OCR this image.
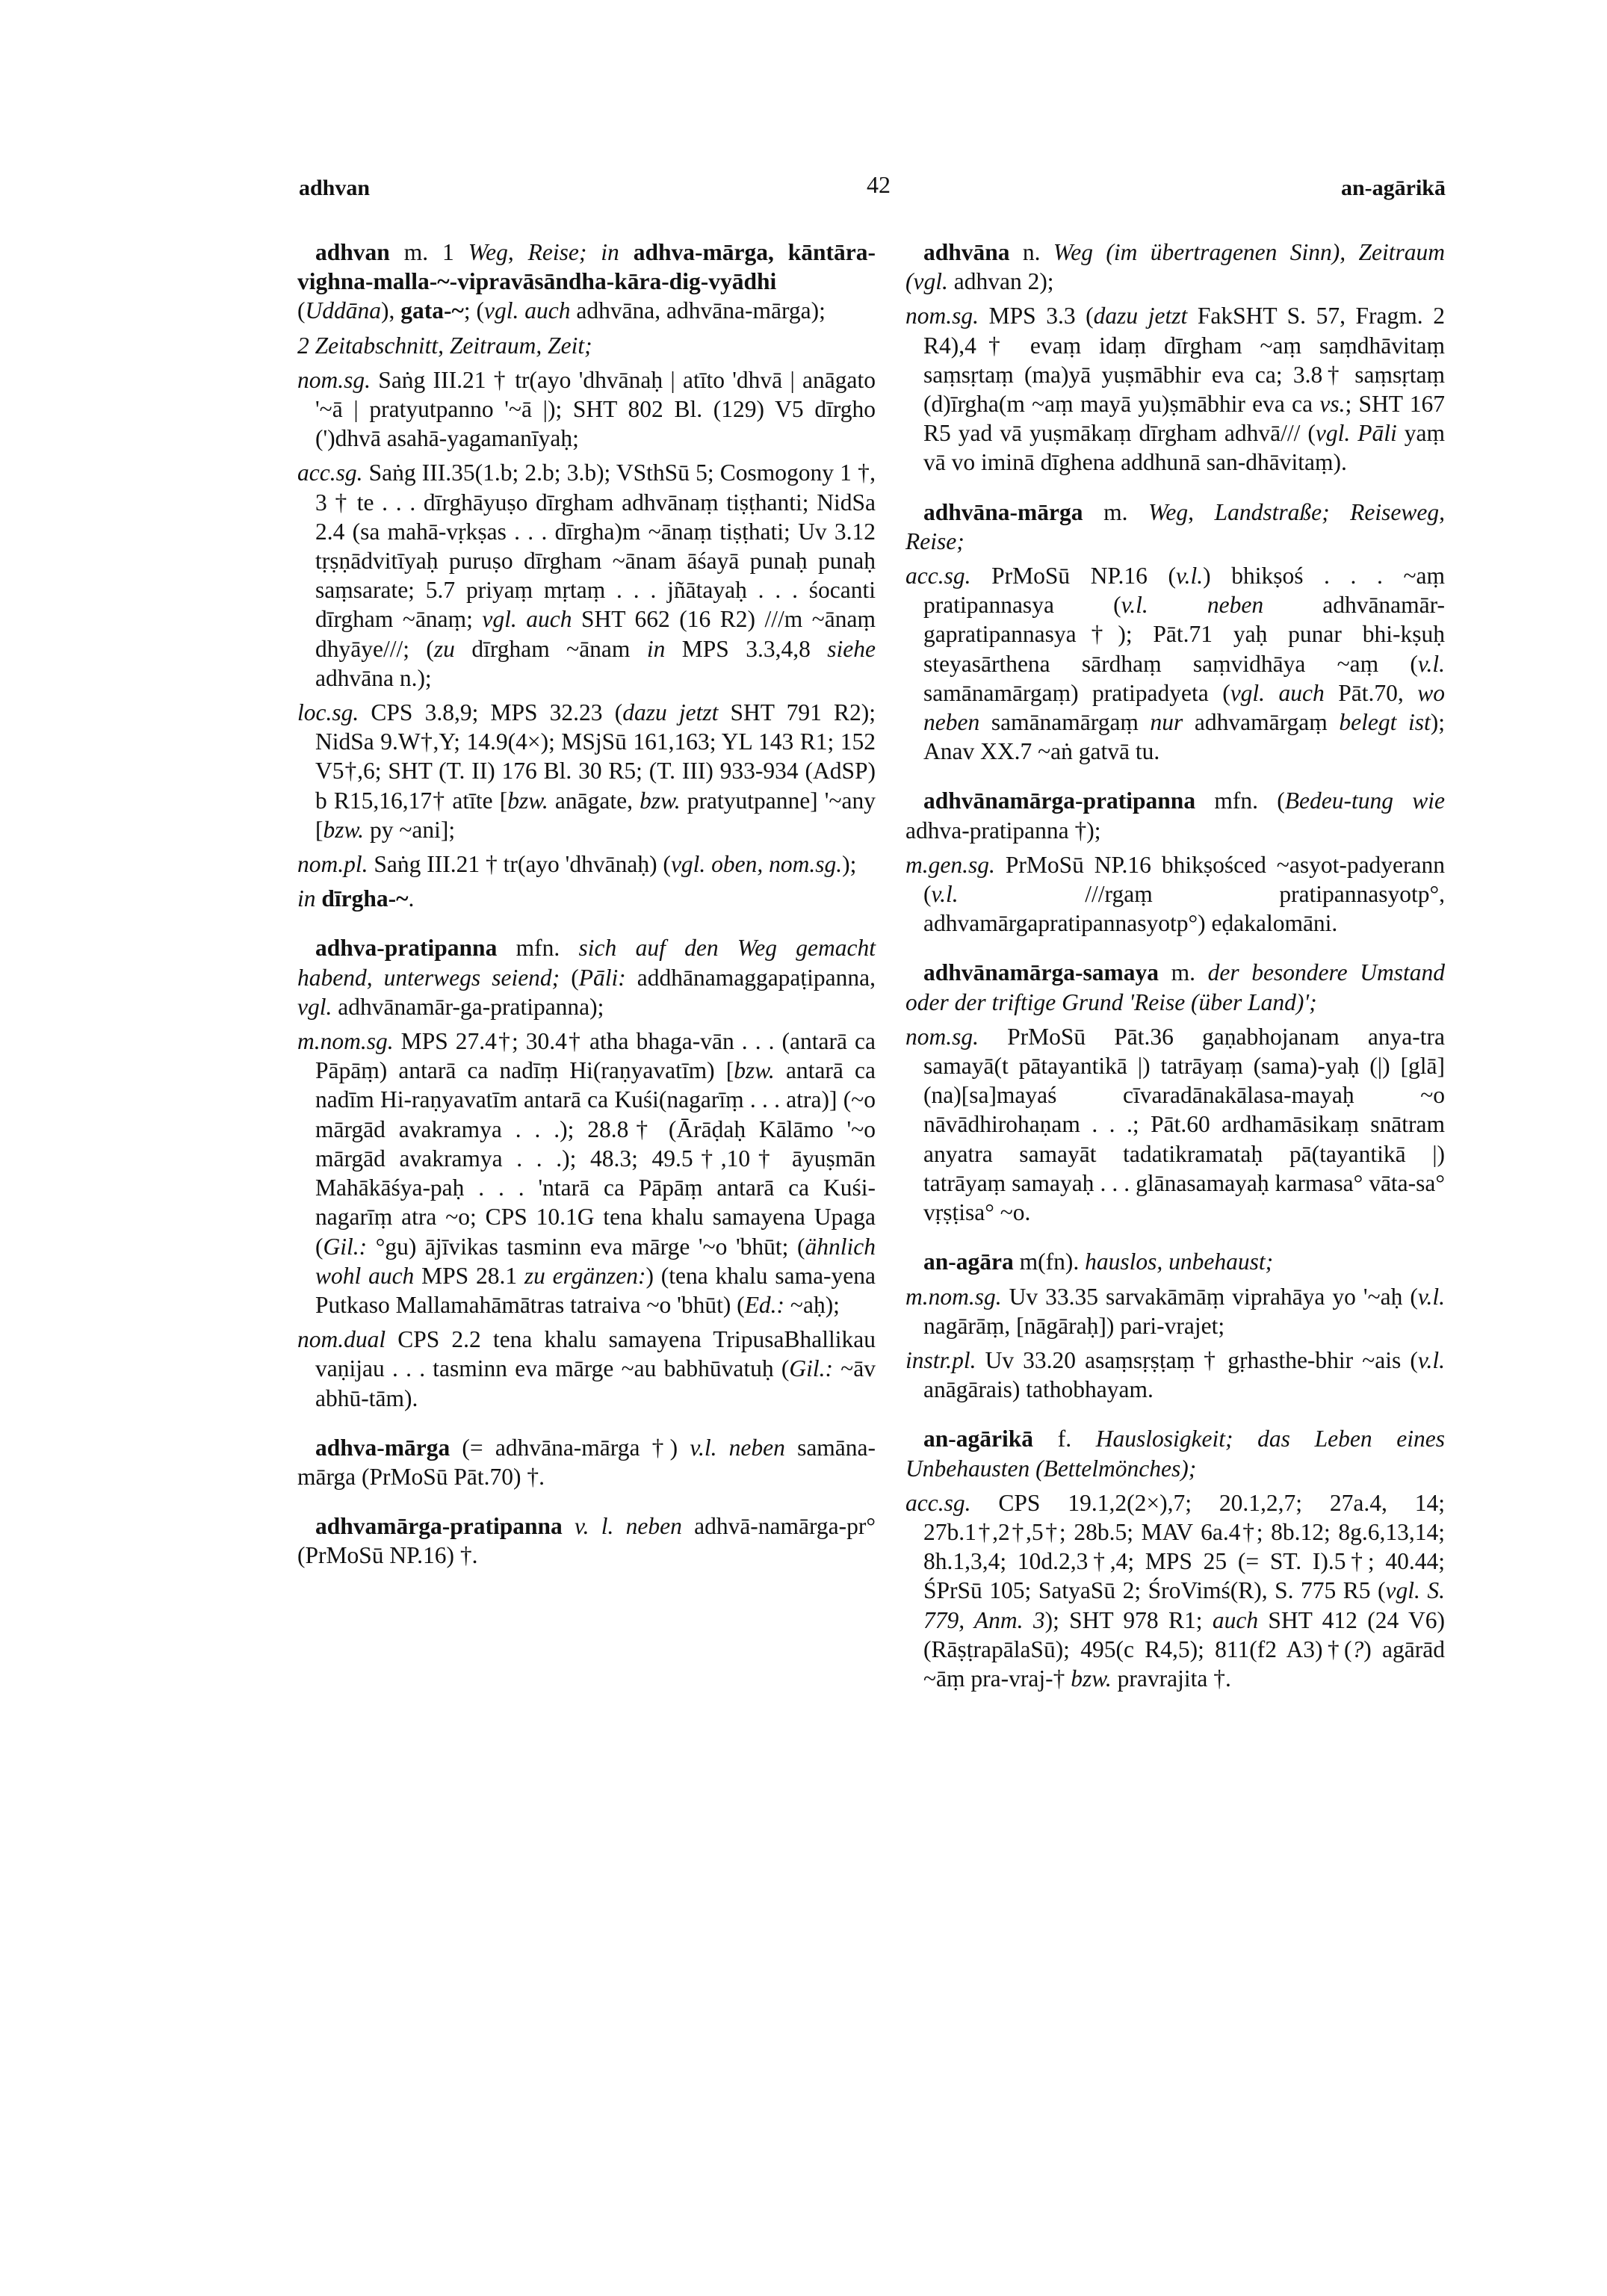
adhvan	42	an-agārikā

adhvan m. 1 Weg, Reise; in adhva-mārga, kāntāra-vighna-malla-~-vipravāsāndha-kāra-dig-vyādhi (Uddāna), gata-~; (vgl. auch adhvāna, adhvāna-mārga);

2 Zeitabschnitt, Zeitraum, Zeit;

nom.sg. Saṅg III.21 † tr(ayo 'dhvānaḥ | atīto 'dhvā | anāgato '~ā | pratyutpanno '~ā |); SHT 802 Bl. (129) V5 dīrgho (')dhvā asahā-yagamanīyaḥ;

acc.sg. Saṅg III.35(1.b; 2.b; 3.b); VSthSū 5; Cosmogony 1 †, 3 † te . . . dīrghāyuṣo dīrgham adhvānaṃ tiṣṭhanti; NidSa 2.4 (sa mahā-vṛkṣas . . . dīrgha)m ~ānaṃ tiṣṭhati; Uv 3.12 tṛṣṇādvitīyaḥ puruṣo dīrgham ~ānam āśayā punaḥ punaḥ saṃsarate; 5.7 priyaṃ mṛtaṃ . . . jñātayaḥ . . . śocanti dīrgham ~ānaṃ; vgl. auch SHT 662 (16 R2) ///m ~ānaṃ dhyāye///; (zu dīrgham ~ānam in MPS 3.3,4,8 siehe adhvāna n.);

loc.sg. CPS 3.8,9; MPS 32.23 (dazu jetzt SHT 791 R2); NidSa 9.W†,Y; 14.9(4×); MSjSū 161,163; YL 143 R1; 152 V5†,6; SHT (T. II) 176 Bl. 30 R5; (T. III) 933-934 (AdSP) b R15,16,17† atīte [bzw. anāgate, bzw. pratyutpanne] '~any [bzw. py ~ani];

nom.pl. Saṅg III.21 † tr(ayo 'dhvānaḥ) (vgl. oben, nom.sg.);

in dīrgha-~.

adhva-pratipanna mfn. sich auf den Weg gemacht habend, unterwegs seiend; (Pāli: addhānamaggapaṭipanna, vgl. adhvānamār-ga-pratipanna);

m.nom.sg. MPS 27.4†; 30.4† atha bhaga-vān . . . (antarā ca Pāpāṃ) antarā ca nadīṃ Hi(raṇyavatīm) [bzw. antarā ca nadīm Hi-raṇyavatīm antarā ca Kuśi(nagarīṃ . . . atra)] (~o mārgād avakramya . . .); 28.8† (Ārāḍaḥ Kālāmo '~o mārgād avakramya . . .); 48.3; 49.5†,10† āyuṣmān Mahākāśya-paḥ . . . 'ntarā ca Pāpāṃ antarā ca Kuśi-nagarīṃ atra ~o; CPS 10.1G tena khalu samayena Upaga (Gil.: °gu) ājīvikas tasminn eva mārge '~o 'bhūt; (ähnlich wohl auch MPS 28.1 zu ergänzen:) (tena khalu sama-yena Putkaso Mallamahāmātras tatraiva ~o 'bhūt) (Ed.: ~aḥ);

nom.dual CPS 2.2 tena khalu samayena TripusaBhallikau vaṇijau . . . tasminn eva mārge ~au babhūvatuḥ (Gil.: ~āv abhū-tām).

adhva-mārga (= adhvāna-mārga †) v.l. neben samāna-mārga (PrMoSū Pāt.70) †.

adhvamārga-pratipanna v. l. neben adhvā-namārga-pr° (PrMoSū NP.16) †.

adhvāna n. Weg (im übertragenen Sinn), Zeitraum (vgl. adhvan 2);

nom.sg. MPS 3.3 (dazu jetzt FakSHT S. 57, Fragm. 2 R4),4† evaṃ idaṃ dīrgham ~aṃ saṃdhāvitaṃ saṃsṛtaṃ (ma)yā yuṣmābhir eva ca; 3.8† saṃsṛtaṃ (d)īrgha(m ~aṃ mayā yu)ṣmābhir eva ca vs.; SHT 167 R5 yad vā yuṣmākaṃ dīrgham adhvā/// (vgl. Pāli yaṃ vā vo iminā dīghena addhunā san-dhāvitaṃ).

adhvāna-mārga m. Weg, Landstraße; Reiseweg, Reise;

acc.sg. PrMoSū NP.16 (v.l.) bhikṣoś . . . ~aṃ pratipannasya (v.l. neben adhvānamār-gapratipannasya†); Pāt.71 yaḥ punar bhi-kṣuḥ steyasārthena sārdhaṃ saṃvidhāya ~aṃ (v.l. samānamārgaṃ) pratipadyeta (vgl. auch Pāt.70, wo neben samānamārgaṃ nur adhvamārgaṃ belegt ist); Anav XX.7 ~aṅ gatvā tu.

adhvānamārga-pratipanna mfn. (Bedeu-tung wie adhva-pratipanna †);

m.gen.sg. PrMoSū NP.16 bhikṣośced ~asyot-padyerann (v.l. ///rgaṃ pratipannasyotp°, adhvamārgapratipannasyotp°) eḍakalomāni.

adhvānamārga-samaya m. der besondere Umstand oder der triftige Grund 'Reise (über Land)';

nom.sg. PrMoSū Pāt.36 gaṇabhojanam anya-tra samayā(t pātayantikā |) tatrāyaṃ (sama)-yaḥ (|) [glā](na)[sa]mayaś cīvaradānakālasa-mayaḥ ~o nāvādhirohaṇam . . .; Pāt.60 ardhamāsikaṃ snātram anyatra samayāt tadatikramataḥ pā(tayantikā |) tatrāyaṃ samayaḥ . . . glānasamayaḥ karmasa° vāta-sa° vṛṣṭisa° ~o.

an-agāra m(fn). hauslos, unbehaust;

m.nom.sg. Uv 33.35 sarvakāmāṃ viprahāya yo '~aḥ (v.l. nagārāṃ, [nāgāraḥ]) pari-vrajet;

instr.pl. Uv 33.20 asaṃsṛṣṭaṃ † gṛhasthe-bhir ~ais (v.l. anāgārais) tathobhayam.

an-agārikā f. Hauslosigkeit; das Leben eines Unbehausten (Bettelmönches);

acc.sg. CPS 19.1,2(2×),7; 20.1,2,7; 27a.4, 14; 27b.1†,2†,5†; 28b.5; MAV 6a.4†; 8b.12; 8g.6,13,14; 8h.1,3,4; 10d.2,3†,4; MPS 25 (= ST. I).5†; 40.44; ŚPrSū 105; SatyaSū 2; ŚroVimś(R), S. 775 R5 (vgl. S. 779, Anm. 3); SHT 978 R1; auch SHT 412 (24 V6) (RāṣṭrapālaSū); 495(c R4,5); 811(f2 A3)†(?) agārād ~āṃ pra-vraj-† bzw. pravrajita †.
